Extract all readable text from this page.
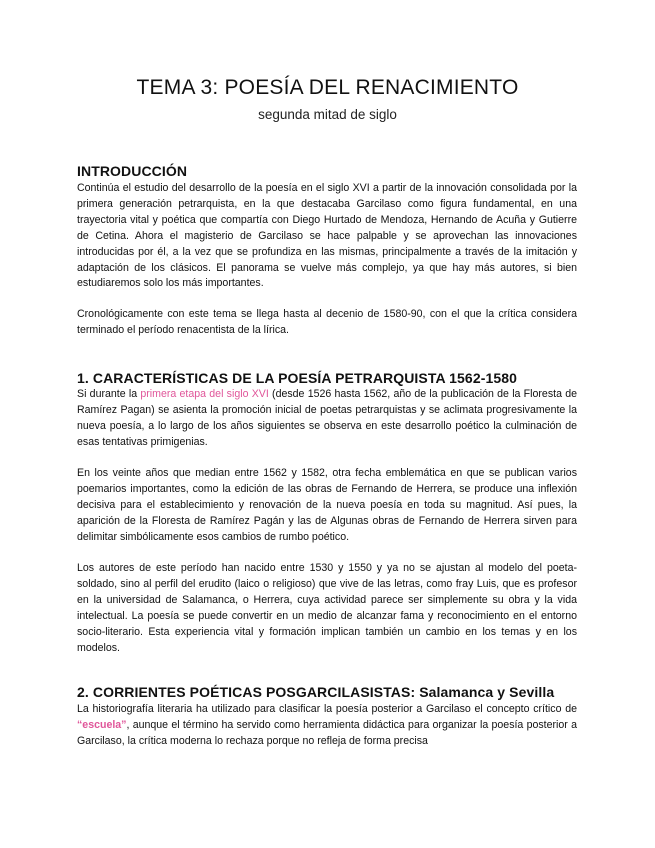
TEMA 3: POESÍA DEL RENACIMIENTO
segunda mitad de siglo
INTRODUCCIÓN

Continúa el estudio del desarrollo de la poesía en el siglo XVI a partir de la innovación consolidada por la primera generación petrarquista, en la que destacaba Garcilaso como figura fundamental, en una trayectoria vital y poética que compartía con Diego Hurtado de Mendoza, Hernando de Acuña y Gutierre de Cetina. Ahora el magisterio de Garcilaso se hace palpable y se aprovechan las innovaciones introducidas por él, a la vez que se profundiza en las mismas, principalmente a través de la imitación y adaptación de los clásicos. El panorama se vuelve más complejo, ya que hay más autores, si bien estudiaremos solo los más importantes.

Cronológicamente con este tema se llega hasta al decenio de 1580-90, con el que la crítica considera terminado el período renacentista de la lírica.

1. CARACTERÍSTICAS DE LA POESÍA PETRARQUISTA 1562-1580

Si durante la primera etapa del siglo XVI (desde 1526 hasta 1562, año de la publicación de la Floresta de Ramírez Pagan) se asienta la promoción inicial de poetas petrarquistas y se aclimata progresivamente la nueva poesía, a lo largo de los años siguientes se observa en este desarrollo poético la culminación de esas tentativas primigenias.

En los veinte años que median entre 1562 y 1582, otra fecha emblemática en que se publican varios poemarios importantes, como la edición de las obras de Fernando de Herrera, se produce una inflexión decisiva para el establecimiento y renovación de la nueva poesía en toda su magnitud. Así pues, la aparición de la Floresta de Ramírez Pagán y las de Algunas obras de Fernando de Herrera sirven para delimitar simbólicamente esos cambios de rumbo poético.

Los autores de este período han nacido entre 1530 y 1550 y ya no se ajustan al modelo del poeta-soldado, sino al perfil del erudito (laico o religioso) que vive de las letras, como fray Luis, que es profesor en la universidad de Salamanca, o Herrera, cuya actividad parece ser simplemente su obra y la vida intelectual. La poesía se puede convertir en un medio de alcanzar fama y reconocimiento en el entorno socio-literario. Esta experiencia vital y formación implican también un cambio en los temas y en los modelos.

2. CORRIENTES POÉTICAS POSGARCILASISTAS: Salamanca y Sevilla

La historiografía literaria ha utilizado para clasificar la poesía posterior a Garcilaso el concepto crítico de “escuela”, aunque el término ha servido como herramienta didáctica para organizar la poesía posterior a Garcilaso, la crítica moderna lo rechaza porque no refleja de forma precisa
